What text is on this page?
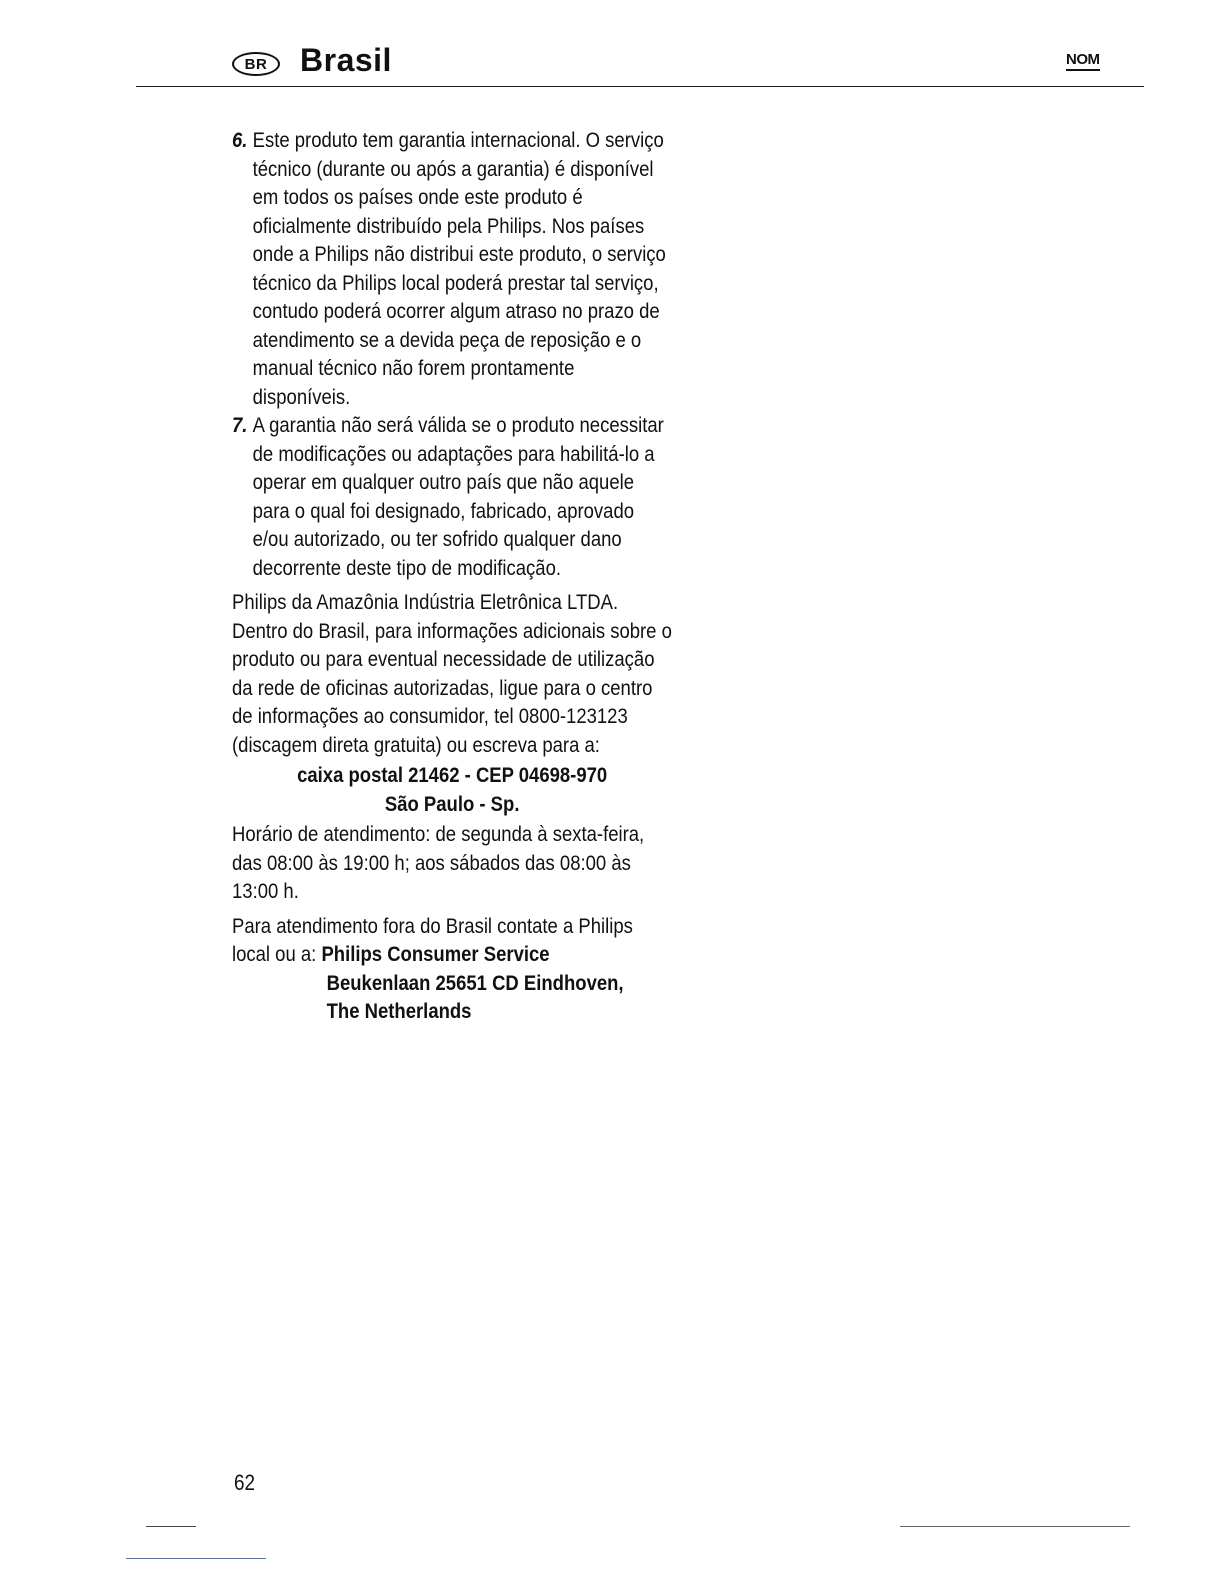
BR	Brasil	NOM
6. Este produto tem garantia internacional. O serviço técnico (durante ou após a garantia) é disponível em todos os países onde este produto é oficialmente distribuído pela Philips. Nos países onde a Philips não distribui este produto, o serviço técnico da Philips local poderá prestar tal serviço, contudo poderá ocorrer algum atraso no prazo de atendimento se a devida peça de reposição e o manual técnico não forem prontamente disponíveis.
7. A garantia não será válida se o produto necessitar de modificações ou adaptações para habilitá-lo a operar em qualquer outro país que não aquele para o qual foi designado, fabricado, aprovado e/ou autorizado, ou ter sofrido qualquer dano decorrente deste tipo de modificação.
Philips da Amazônia Indústria Eletrônica LTDA. Dentro do Brasil, para informações adicionais sobre o produto ou para eventual necessidade de utilização da rede de oficinas autorizadas, ligue para o centro de informações ao consumidor, tel 0800-123123 (discagem direta gratuita) ou escreva para a:
caixa postal 21462 - CEP 04698-970
São Paulo - Sp.
Horário de atendimento: de segunda à sexta-feira, das 08:00 às 19:00 h; aos sábados das 08:00 às 13:00 h.
Para atendimento fora do Brasil contate a Philips local ou a: Philips Consumer Service
Beukenlaan 25651 CD Eindhoven,
The Netherlands
62
